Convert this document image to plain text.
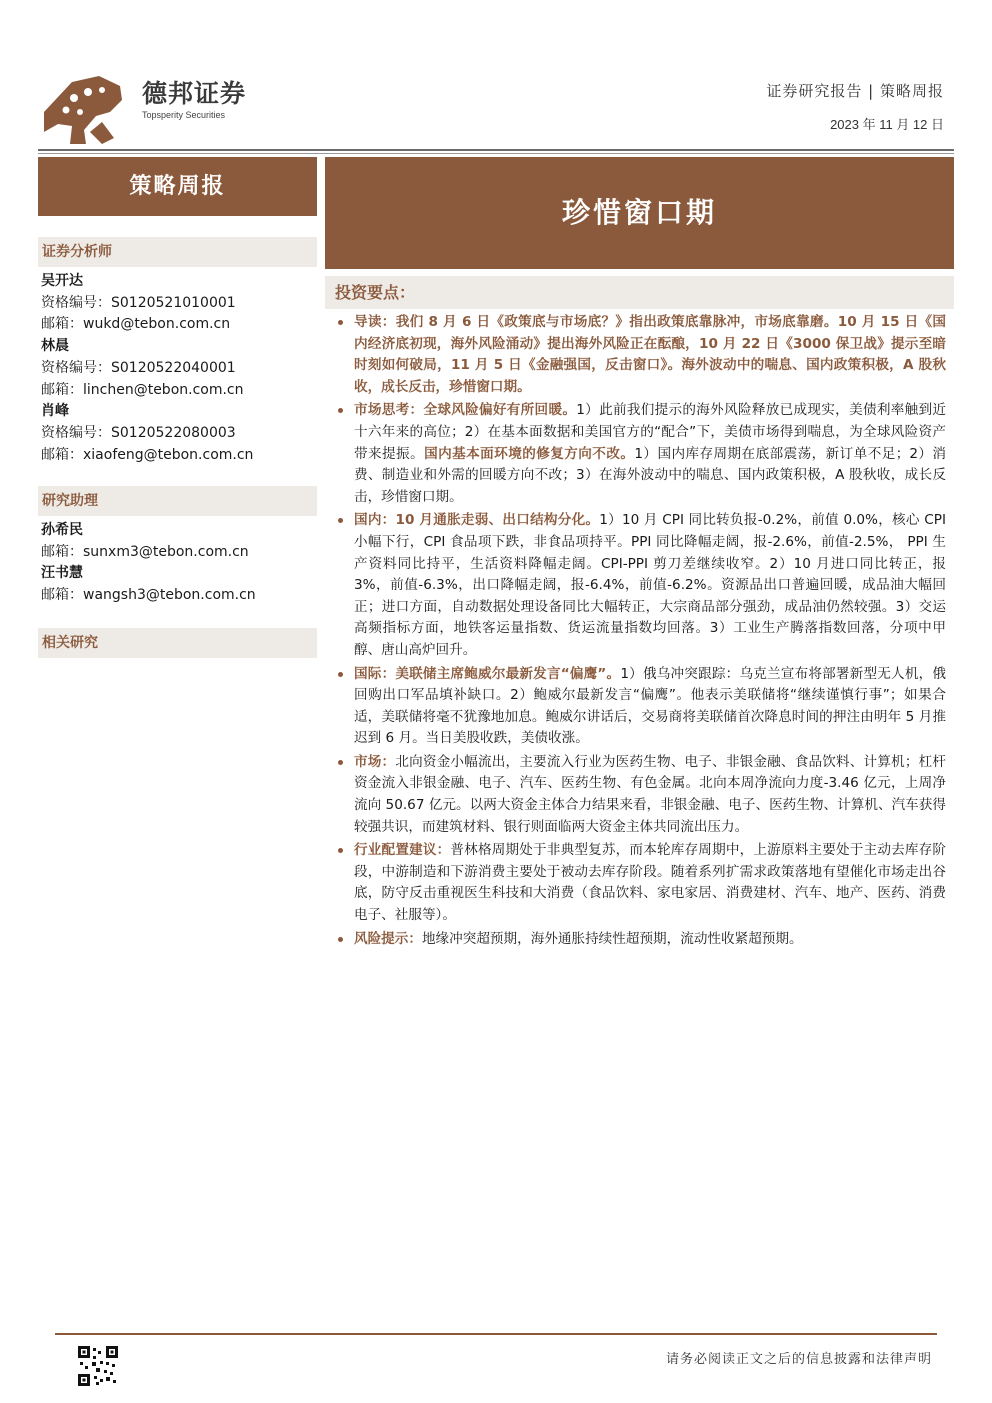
德邦证券
Topsperity Securities
证券研究报告 | 策略周报
2023 年 11 月 12 日
策略周报
珍惜窗口期
证券分析师
吴开达
资格编号：S0120521010001
邮箱：wukd@tebon.com.cn
林晨
资格编号：S0120522040001
邮箱：linchen@tebon.com.cn
肖峰
资格编号：S0120522080003
邮箱：xiaofeng@tebon.com.cn
研究助理
孙希民
邮箱：sunxm3@tebon.com.cn
汪书慧
邮箱：wangsh3@tebon.com.cn
相关研究
投资要点：
导读：我们 8 月 6 日《政策底与市场底？》指出政策底靠脉冲，市场底靠磨。10 月 15 日《国内经济底初现，海外风险涌动》提出海外风险正在酝酿，10 月 22 日《3000 保卫战》提示至暗时刻如何破局，11 月 5 日《金融强国，反击窗口》。海外波动中的喘息、国内政策积极，A 股秋收，成长反击，珍惜窗口期。
市场思考：全球风险偏好有所回暖。1）此前我们提示的海外风险释放已成现实，美债利率触到近十六年来的高位；2）在基本面数据和美国官方的“配合”下，美债市场得到喘息，为全球风险资产带来提振。国内基本面环境的修复方向不改。1）国内库存周期在底部震荡，新订单不足；2）消费、制造业和外需的回暖方向不改；3）在海外波动中的喘息、国内政策积极，A 股秋收，成长反击，珍惜窗口期。
国内：10 月通胀走弱、出口结构分化。1）10 月 CPI 同比转负报-0.2%，前值 0.0%，核心 CPI 小幅下行，CPI 食品项下跌，非食品项持平。PPI 同比降幅走阔，报-2.6%，前值-2.5%， PPI 生产资料同比持平，生活资料降幅走阔。CPI-PPI 剪刀差继续收窄。2）10 月进口同比转正，报 3%，前值-6.3%，出口降幅走阔，报-6.4%，前值-6.2%。资源品出口普遍回暖，成品油大幅回正；进口方面，自动数据处理设备同比大幅转正，大宗商品部分强劲，成品油仍然较强。3）交运高频指标方面，地铁客运量指数、货运流量指数均回落。3）工业生产腾落指数回落，分项中甲醇、唐山高炉回升。
国际：美联储主席鲍威尔最新发言“偏鹰”。1）俄乌冲突跟踪：乌克兰宣布将部署新型无人机，俄回购出口军品填补缺口。2）鲍威尔最新发言“偏鹰”。他表示美联储将“继续谨慎行事”；如果合适，美联储将毫不犹豫地加息。鲍威尔讲话后，交易商将美联储首次降息时间的押注由明年 5 月推迟到 6 月。当日美股收跌，美债收涨。
市场：北向资金小幅流出，主要流入行业为医药生物、电子、非银金融、食品饮料、计算机；杠杆资金流入非银金融、电子、汽车、医药生物、有色金属。北向本周净流向力度-3.46 亿元，上周净流向 50.67 亿元。以两大资金主体合力结果来看，非银金融、电子、医药生物、计算机、汽车获得较强共识，而建筑材料、银行则面临两大资金主体共同流出压力。
行业配置建议：普林格周期处于非典型复苏，而本轮库存周期中，上游原料主要处于主动去库存阶段，中游制造和下游消费主要处于被动去库存阶段。随着系列扩需求政策落地有望催化市场走出谷底，防守反击重视医生科技和大消费（食品饮料、家电家居、消费建材、汽车、地产、医药、消费电子、社服等）。
风险提示：地缘冲突超预期，海外通胀持续性超预期，流动性收紧超预期。
请务必阅读正文之后的信息披露和法律声明
